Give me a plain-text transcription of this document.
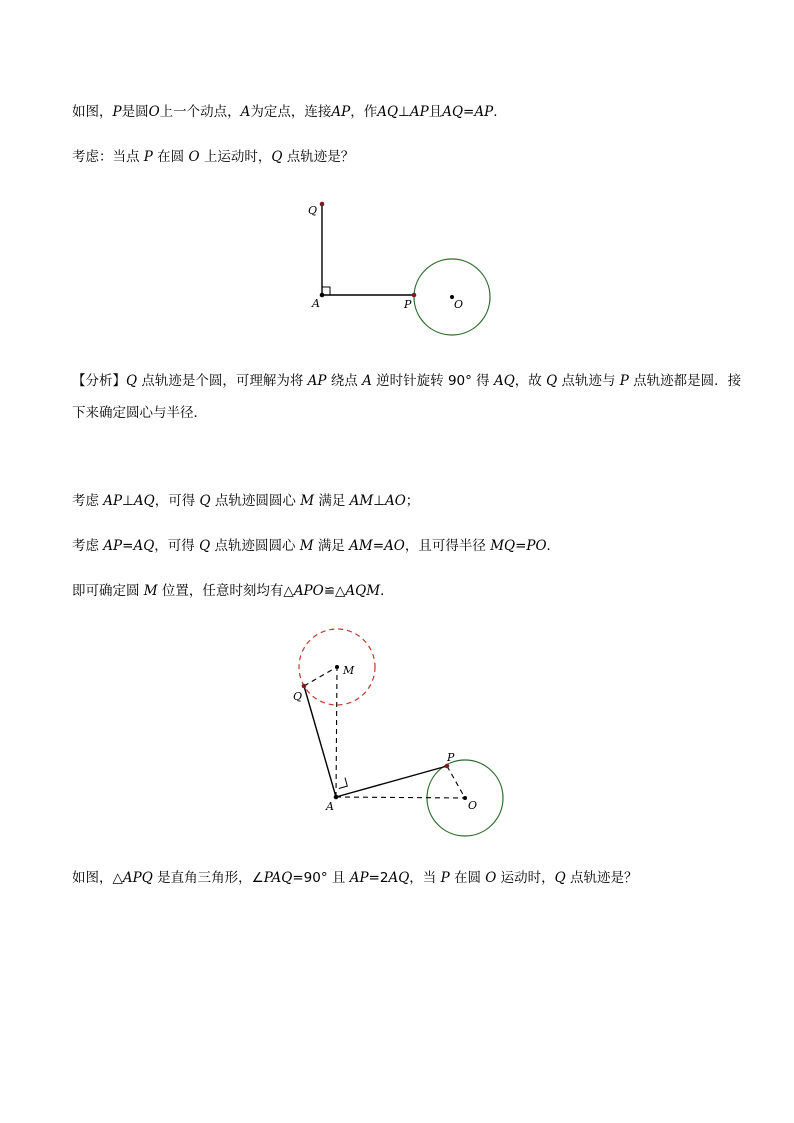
如图，P是圆O上一个动点，A为定点，连接AP，作AQ⊥AP且AQ=AP.
考虑：当点 P 在圆 O 上运动时，Q 点轨迹是？
【分析】Q 点轨迹是个圆，可理解为将 AP 绕点 A 逆时针旋转 90° 得 AQ，故 Q 点轨迹与 P 点轨迹都是圆．接
下来确定圆心与半径．
考虑 AP⊥AQ，可得 Q 点轨迹圆圆心 M 满足 AM⊥AO；
考虑 AP=AQ，可得 Q 点轨迹圆圆心 M 满足 AM=AO，且可得半径 MQ=PO．
即可确定圆 M 位置，任意时刻均有△APO≌△AQM．
如图，△APQ 是直角三角形，∠PAQ=90° 且 AP=2AQ，当 P 在圆 O 运动时，Q 点轨迹是？
Q
A	P	O
M
Q
P
A	O
